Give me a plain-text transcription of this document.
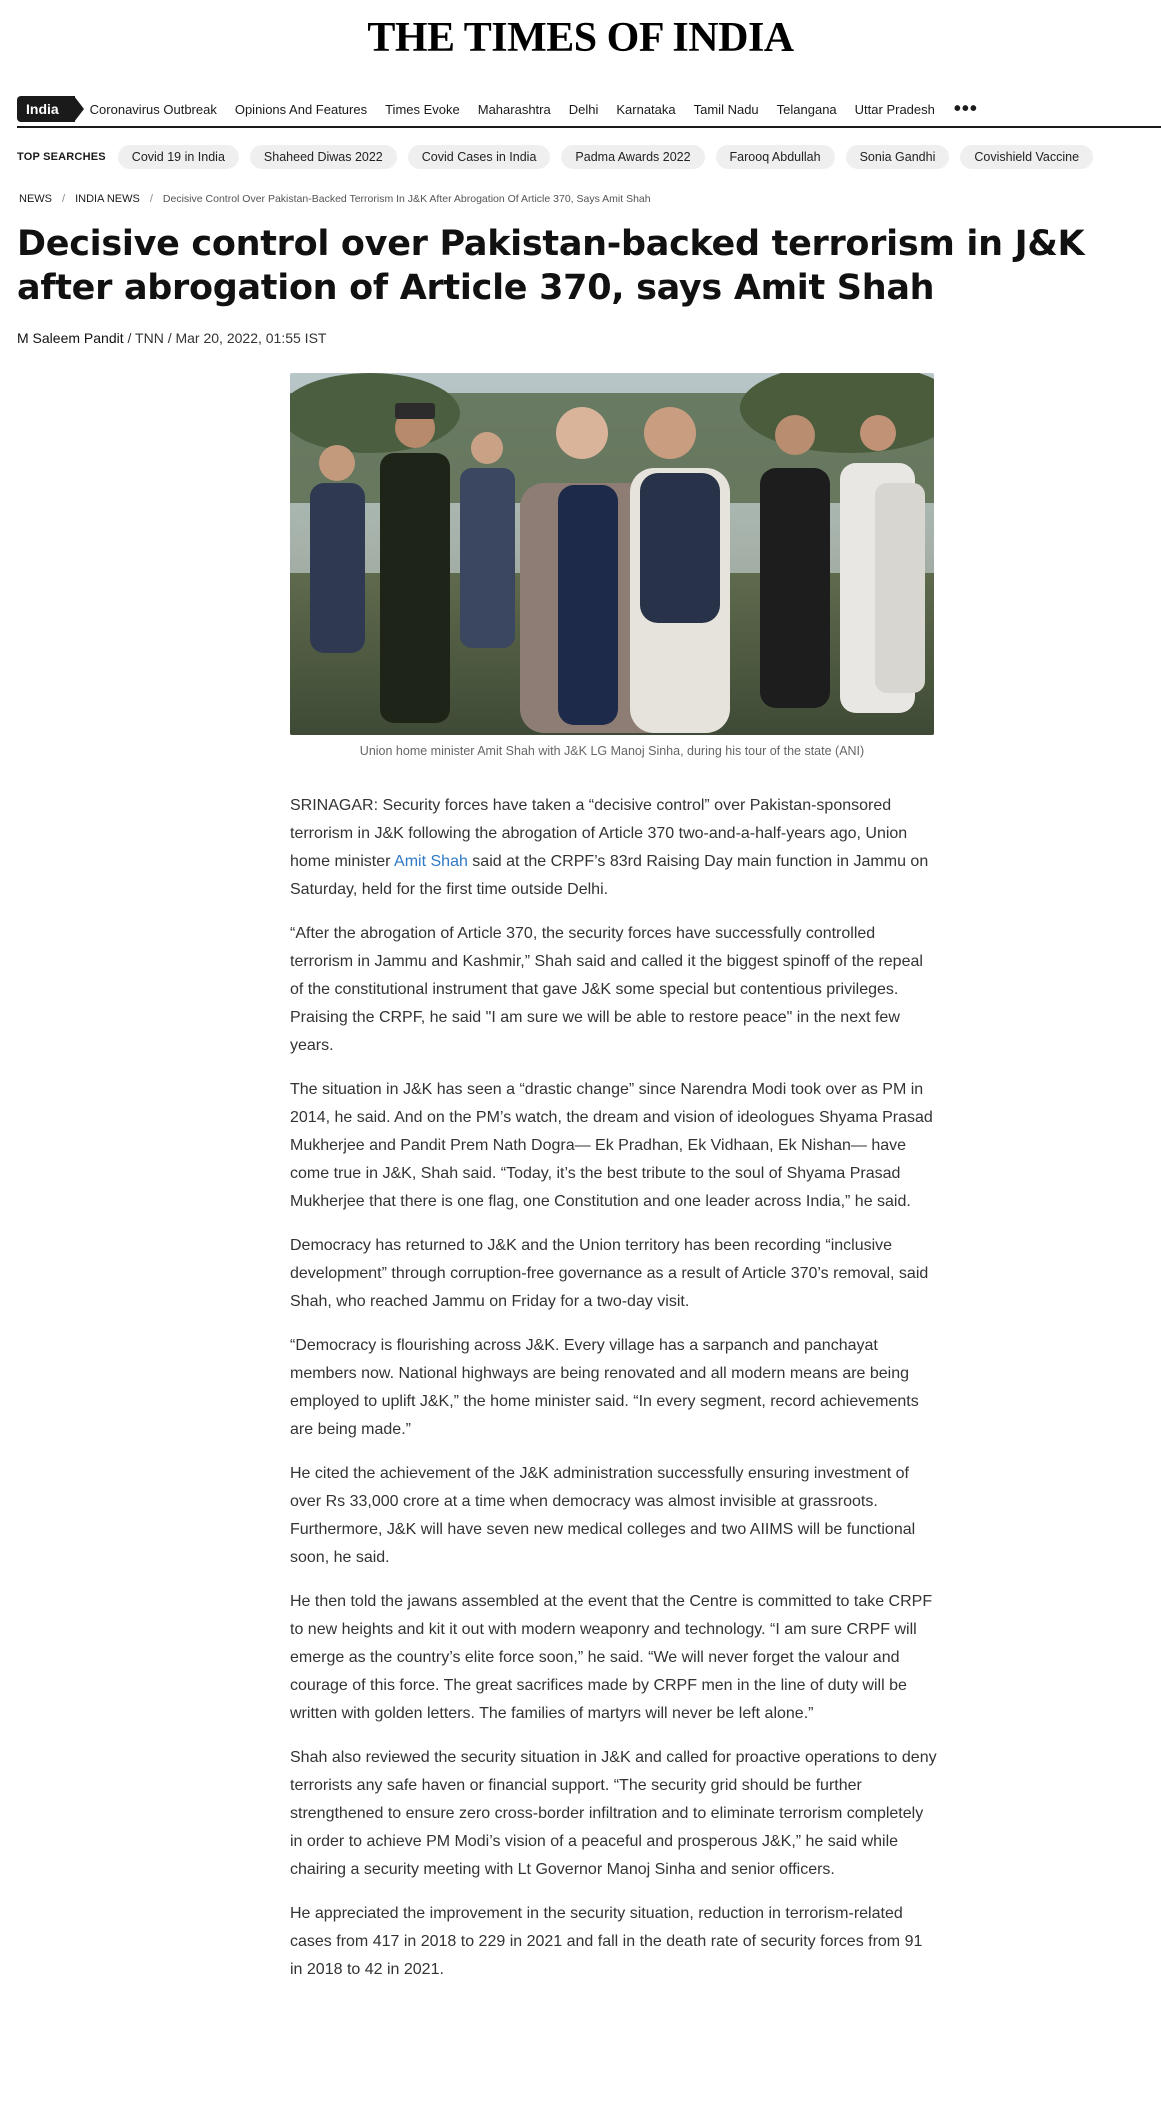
THE TIMES OF INDIA
India	Coronavirus Outbreak	Opinions And Features	Times Evoke	Maharashtra	Delhi	Karnataka	Tamil Nadu	Telangana	Uttar Pradesh •••
TOP SEARCHES	Covid 19 in India	Shaheed Diwas 2022	Covid Cases in India	Padma Awards 2022	Farooq Abdullah	Sonia Gandhi	Covishield Vaccine
NEWS / INDIA NEWS / Decisive Control Over Pakistan-Backed Terrorism In J&K After Abrogation Of Article 370, Says Amit Shah
Decisive control over Pakistan-backed terrorism in J&K after abrogation of Article 370, says Amit Shah
M Saleem Pandit / TNN / Mar 20, 2022, 01:55 IST
Union home minister Amit Shah with J&K LG Manoj Sinha, during his tour of the state (ANI)

SRINAGAR: Security forces have taken a “decisive control” over Pakistan-sponsored terrorism in J&K following the abrogation of Article 370 two-and-a-half-years ago, Union home minister Amit Shah said at the CRPF’s 83rd Raising Day main function in Jammu on Saturday, held for the first time outside Delhi.

“After the abrogation of Article 370, the security forces have successfully controlled terrorism in Jammu and Kashmir,” Shah said and called it the biggest spinoff of the repeal of the constitutional instrument that gave J&K some special but contentious privileges. Praising the CRPF, he said "I am sure we will be able to restore peace" in the next few years.

The situation in J&K has seen a “drastic change” since Narendra Modi took over as PM in 2014, he said. And on the PM’s watch, the dream and vision of ideologues Shyama Prasad Mukherjee and Pandit Prem Nath Dogra— Ek Pradhan, Ek Vidhaan, Ek Nishan— have come true in J&K, Shah said. “Today, it’s the best tribute to the soul of Shyama Prasad Mukherjee that there is one flag, one Constitution and one leader across India,” he said.

Democracy has returned to J&K and the Union territory has been recording “inclusive development” through corruption-free governance as a result of Article 370’s removal, said Shah, who reached Jammu on Friday for a two-day visit.

“Democracy is flourishing across J&K. Every village has a sarpanch and panchayat members now. National highways are being renovated and all modern means are being employed to uplift J&K,” the home minister said. “In every segment, record achievements are being made.”

He cited the achievement of the J&K administration successfully ensuring investment of over Rs 33,000 crore at a time when democracy was almost invisible at grassroots. Furthermore, J&K will have seven new medical colleges and two AIIMS will be functional soon, he said.

He then told the jawans assembled at the event that the Centre is committed to take CRPF to new heights and kit it out with modern weaponry and technology. “I am sure CRPF will emerge as the country’s elite force soon,” he said. “We will never forget the valour and courage of this force. The great sacrifices made by CRPF men in the line of duty will be written with golden letters. The families of martyrs will never be left alone.”

Shah also reviewed the security situation in J&K and called for proactive operations to deny terrorists any safe haven or financial support. “The security grid should be further strengthened to ensure zero cross-border infiltration and to eliminate terrorism completely in order to achieve PM Modi’s vision of a peaceful and prosperous J&K,” he said while chairing a security meeting with Lt Governor Manoj Sinha and senior officers.

He appreciated the improvement in the security situation, reduction in terrorism-related cases from 417 in 2018 to 229 in 2021 and fall in the death rate of security forces from 91 in 2018 to 42 in 2021.
